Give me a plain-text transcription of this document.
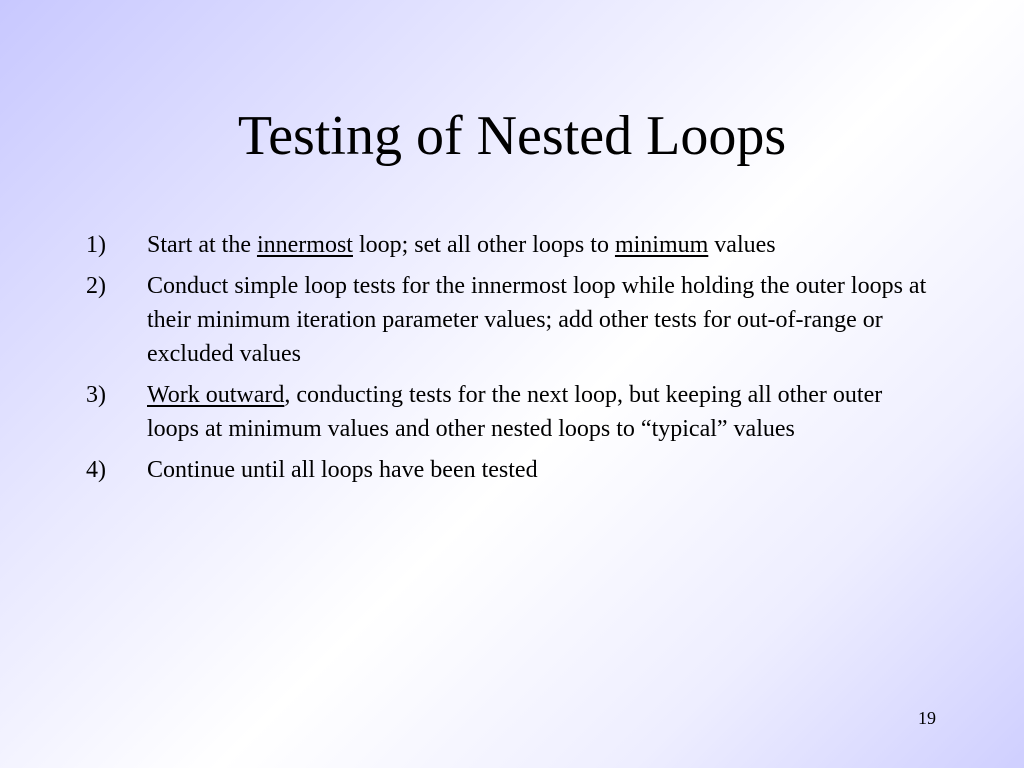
Testing of Nested Loops
1)	Start at the innermost loop; set all other loops to minimum values
2)	Conduct simple loop tests for the innermost loop while holding the outer loops at their minimum iteration parameter values; add other tests for out-of-range or excluded values
3)	Work outward, conducting tests for the next loop, but keeping all other outer loops at minimum values and other nested loops to “typical” values
4)	Continue until all loops have been tested
19
